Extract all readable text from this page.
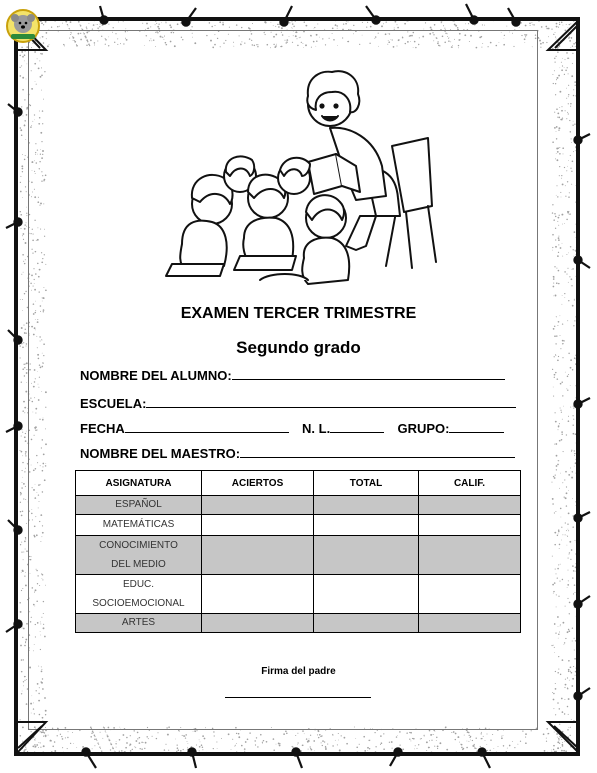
EXAMEN TERCER TRIMESTRE
Segundo grado
NOMBRE DEL ALUMNO:
ESCUELA:
FECHA	N. L.	GRUPO:
NOMBRE DEL MAESTRO:
ASIGNATURA	ACIERTOS	TOTAL	CALIF.
ESPAÑOL			
MATEMÁTICAS			

CONOCIMIENTO DEL MEDIO			

EDUC. SOCIOEMOCIONAL			

ARTES			
Firma del padre
